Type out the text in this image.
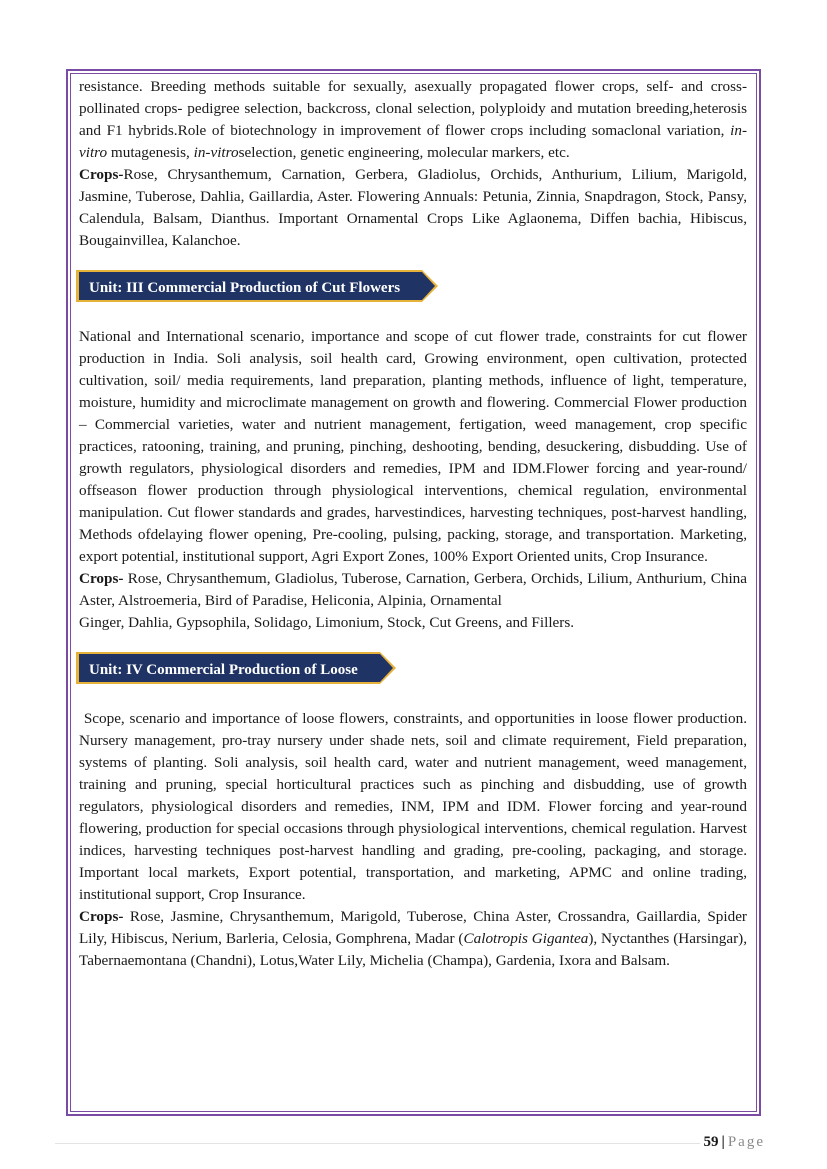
resistance. Breeding methods suitable for sexually, asexually propagated flower crops, self- and cross-pollinated crops- pedigree selection, backcross, clonal selection, polyploidy and mutation breeding,heterosis and F1 hybrids.Role of biotechnology in improvement of flower crops including somaclonal variation, in-vitro mutagenesis, in-vitroselection, genetic engineering, molecular markers, etc.

Crops-Rose, Chrysanthemum, Carnation, Gerbera, Gladiolus, Orchids, Anthurium, Lilium, Marigold, Jasmine, Tuberose, Dahlia, Gaillardia, Aster. Flowering Annuals: Petunia, Zinnia, Snapdragon, Stock, Pansy, Calendula, Balsam, Dianthus. Important Ornamental Crops Like Aglaonema, Diffen bachia, Hibiscus, Bougainvillea, Kalanchoe.

Unit: III Commercial Production of Cut Flowers

National and International scenario, importance and scope of cut flower trade, constraints for cut flower production in India. Soli analysis, soil health card, Growing environment, open cultivation, protected cultivation, soil/ media requirements, land preparation, planting methods, influence of light, temperature, moisture, humidity and microclimate management on growth and flowering. Commercial Flower production – Commercial varieties, water and nutrient management, fertigation, weed management, crop specific practices, ratooning, training, and pruning, pinching, deshooting, bending, desuckering, disbudding. Use of growth regulators, physiological disorders and remedies, IPM and IDM.Flower forcing and year-round/ offseason flower production through physiological interventions, chemical regulation, environmental manipulation. Cut flower standards and grades, harvestindices, harvesting techniques, post-harvest handling, Methods ofdelaying flower opening, Pre-cooling, pulsing, packing, storage, and transportation. Marketing, export potential, institutional support, Agri Export Zones, 100% Export Oriented units, Crop Insurance.

Crops- Rose, Chrysanthemum, Gladiolus, Tuberose, Carnation, Gerbera, Orchids, Lilium, Anthurium, China Aster, Alstroemeria, Bird of Paradise, Heliconia, Alpinia, Ornamental

Ginger, Dahlia, Gypsophila, Solidago, Limonium, Stock, Cut Greens, and Fillers.

Unit: IV Commercial Production of Loose

Scope, scenario and importance of loose flowers, constraints, and opportunities in loose flower production. Nursery management, pro-tray nursery under shade nets, soil and climate requirement, Field preparation, systems of planting. Soli analysis, soil health card, water and nutrient management, weed management, training and pruning, special horticultural practices such as pinching and disbudding, use of growth regulators, physiological disorders and remedies, INM, IPM and IDM. Flower forcing and year-round flowering, production for special occasions through physiological interventions, chemical regulation. Harvest indices, harvesting techniques post-harvest handling and grading, pre-cooling, packaging, and storage. Important local markets, Export potential, transportation, and marketing, APMC and online trading, institutional support, Crop Insurance.

Crops- Rose, Jasmine, Chrysanthemum, Marigold, Tuberose, China Aster, Crossandra, Gaillardia, Spider Lily, Hibiscus, Nerium, Barleria, Celosia, Gomphrena, Madar (Calotropis Gigantea), Nyctanthes (Harsingar), Tabernaemontana (Chandni), Lotus,Water Lily, Michelia (Champa), Gardenia, Ixora and Balsam.

59 | Page
